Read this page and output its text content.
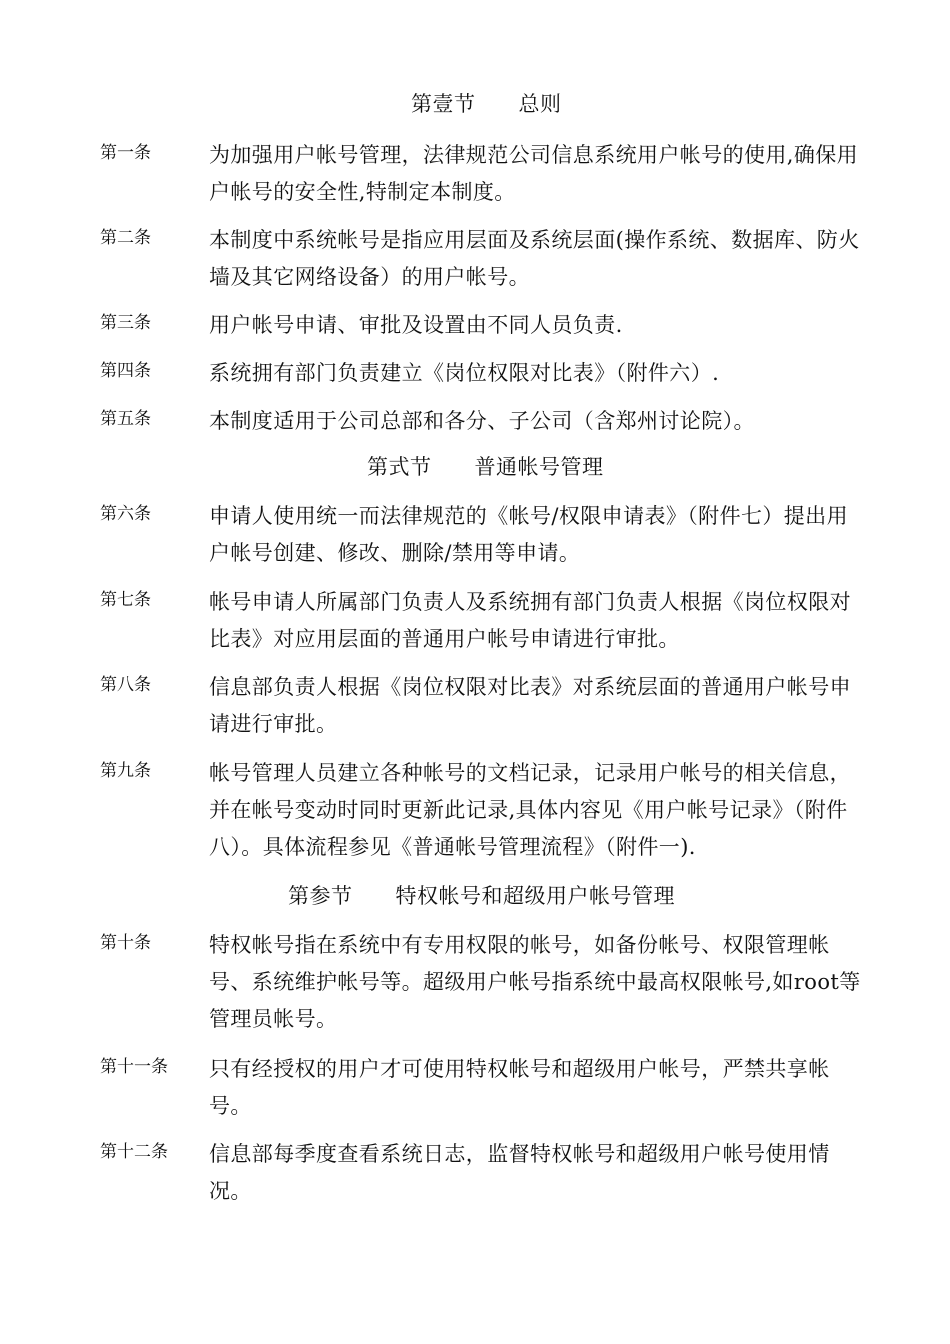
第壹节　　总则
第一条	为加强用户帐号管理，法律规范公司信息系统用户帐号的使用,确保用户帐号的安全性,特制定本制度。
第二条	本制度中系统帐号是指应用层面及系统层面(操作系统、数据库、防火墙及其它网络设备）的用户帐号。
第三条	用户帐号申请、审批及设置由不同人员负责.
第四条	系统拥有部门负责建立《岗位权限对比表》（附件六）.
第五条	本制度适用于公司总部和各分、子公司（含郑州讨论院）。
第式节　　普通帐号管理
第六条	申请人使用统一而法律规范的《帐号/权限申请表》（附件七）提出用户帐号创建、修改、删除/禁用等申请。
第七条	帐号申请人所属部门负责人及系统拥有部门负责人根据《岗位权限对比表》对应用层面的普通用户帐号申请进行审批。
第八条	信息部负责人根据《岗位权限对比表》对系统层面的普通用户帐号申请进行审批。
第九条	帐号管理人员建立各种帐号的文档记录，记录用户帐号的相关信息，并在帐号变动时同时更新此记录,具体内容见《用户帐号记录》（附件八）。具体流程参见《普通帐号管理流程》（附件一).
第参节　　特权帐号和超级用户帐号管理
第十条	特权帐号指在系统中有专用权限的帐号，如备份帐号、权限管理帐号、系统维护帐号等。超级用户帐号指系统中最高权限帐号,如root等管理员帐号。
第十一条 只有经授权的用户才可使用特权帐号和超级用户帐号，严禁共享帐号。
第十二条 信息部每季度查看系统日志，监督特权帐号和超级用户帐号使用情况。
